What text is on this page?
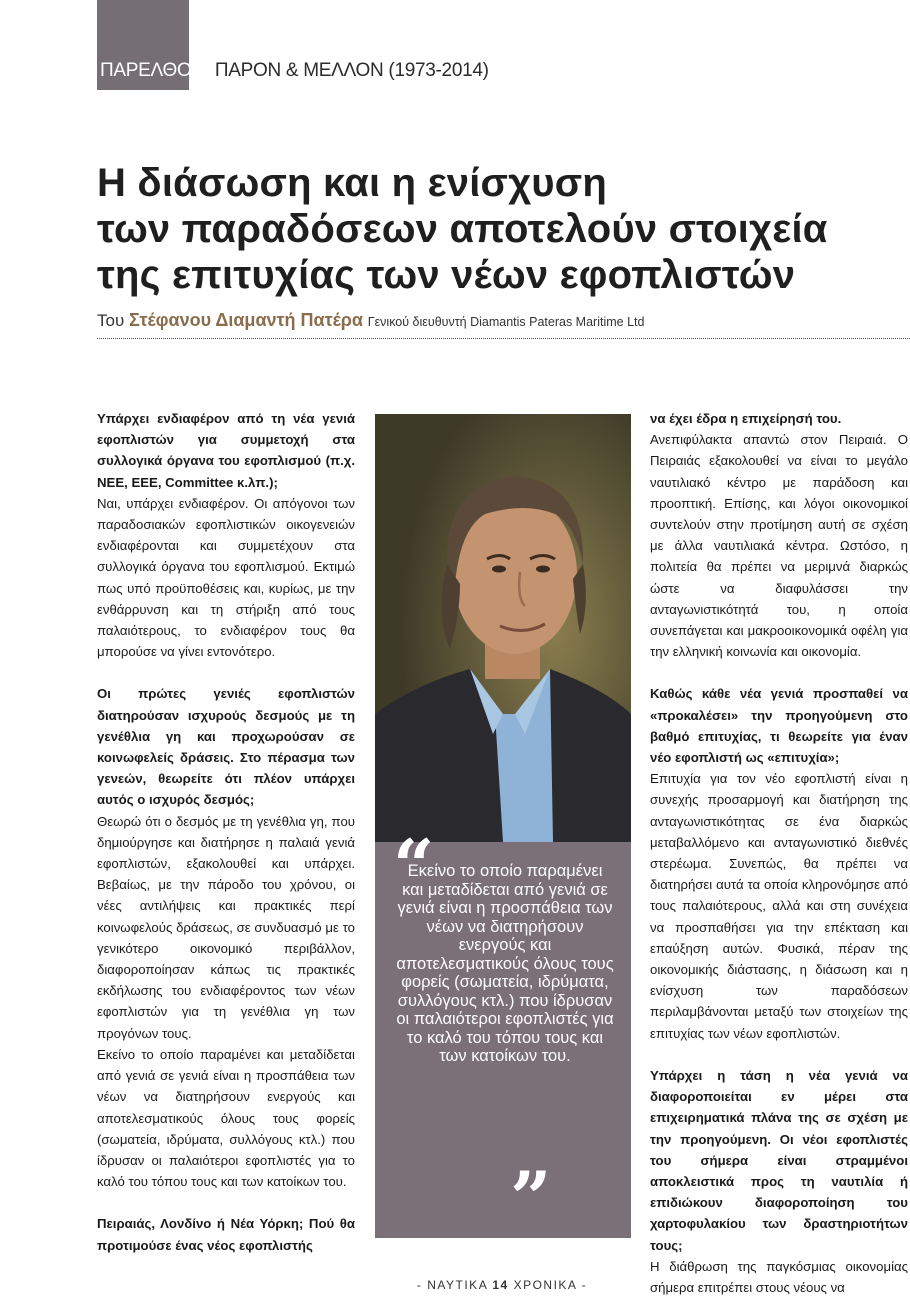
ΠΑΡΕΛΘΟΝ, ΠΑΡΟΝ & ΜΕΛΛΟΝ (1973-2014)
Η διάσωση και η ενίσχυση
των παραδόσεων αποτελούν στοιχεία
της επιτυχίας των νέων εφοπλιστών
Του Στέφανου Διαμαντή Πατέρα Γενικού διευθυντή Diamantis Pateras Maritime Ltd

Υπάρχει ενδιαφέρον από τη νέα γενιά εφοπλιστών για συμμετοχή στα συλλογικά όργανα του εφοπλισμού (π.χ. ΝΕΕ, ΕΕΕ, Committee κ.λπ.);

Ναι, υπάρχει ενδιαφέρον. Οι απόγονοι των παραδοσιακών εφοπλιστικών οικογενειών ενδιαφέρονται και συμμετέχουν στα συλλογικά όργανα του εφοπλισμού. Εκτιμώ πως υπό προϋποθέσεις και, κυρίως, με την ενθάρρυνση και τη στήριξη από τους παλαιότερους, το ενδιαφέρον τους θα μπορούσε να γίνει εντονότερο.

Οι πρώτες γενιές εφοπλιστών διατηρούσαν ισχυρούς δεσμούς με τη γενέθλια γη και προχωρούσαν σε κοινωφελείς δράσεις. Στο πέρασμα των γενεών, θεωρείτε ότι πλέον υπάρχει αυτός ο ισχυρός δεσμός;

Θεωρώ ότι ο δεσμός με τη γενέθλια γη, που δημιούργησε και διατήρησε η παλαιά γενιά εφοπλιστών, εξακολουθεί και υπάρχει. Βεβαίως, με την πάροδο του χρόνου, οι νέες αντιλήψεις και πρακτικές περί κοινωφελούς δράσεως, σε συνδυασμό με το γενικότερο οικονομικό περιβάλλον, διαφοροποίησαν κάπως τις πρακτικές εκδήλωσης του ενδιαφέροντος των νέων εφοπλιστών για τη γενέθλια γη των προγόνων τους.

Εκείνο το οποίο παραμένει και μεταδίδεται από γενιά σε γενιά είναι η προσπάθεια των νέων να διατηρήσουν ενεργούς και αποτελεσματικούς όλους τους φορείς (σωματεία, ιδρύματα, συλλόγους κτλ.) που ίδρυσαν οι παλαιότεροι εφοπλιστές για το καλό του τόπου τους και των κατοίκων του.

Πειραιάς, Λονδίνο ή Νέα Υόρκη; Πού θα προτιμούσε ένας νέος εφοπλιστής

να έχει έδρα η επιχείρησή του.

Ανεπιφύλακτα απαντώ στον Πειραιά. Ο Πειραιάς εξακολουθεί να είναι το μεγάλο ναυτιλιακό κέντρο με παράδοση και προοπτική. Επίσης, και λόγοι οικονομικοί συντελούν στην προτίμηση αυτή σε σχέση με άλλα ναυτιλιακά κέντρα. Ωστόσο, η πολιτεία θα πρέπει να μεριμνά διαρκώς ώστε να διαφυλάσσει την ανταγωνιστικότητά του, η οποία συνεπάγεται και μακροοικονομικά οφέλη για την ελληνική κοινωνία και οικονομία.

Καθώς κάθε νέα γενιά προσπαθεί να «προκαλέσει» την προηγούμενη στο βαθμό επιτυχίας, τι θεωρείτε για έναν νέο εφοπλιστή ως «επιτυχία»;

Επιτυχία για τον νέο εφοπλιστή είναι η συνεχής προσαρμογή και διατήρηση της ανταγωνιστικότητας σε ένα διαρκώς μεταβαλλόμενο και ανταγωνιστικό διεθνές στερέωμα. Συνεπώς, θα πρέπει να διατηρήσει αυτά τα οποία κληρονόμησε από τους παλαιότερους, αλλά και στη συνέχεια να προσπαθήσει για την επέκταση και επαύξηση αυτών. Φυσικά, πέραν της οικονομικής διάστασης, η διάσωση και η ενίσχυση των παραδόσεων περιλαμβάνονται μεταξύ των στοιχείων της επιτυχίας των νέων εφοπλιστών.

Υπάρχει η τάση η νέα γενιά να διαφοροποιείται εν μέρει στα επιχειρηματικά πλάνα της σε σχέση με την προηγούμενη. Οι νέοι εφοπλιστές του σήμερα είναι στραμμένοι αποκλειστικά προς τη ναυτιλία ή επιδιώκουν διαφοροποίηση του χαρτοφυλακίου των δραστηριοτήτων τους;

Η διάθρωση της παγκόσμιας οικονομίας σήμερα επιτρέπει στους νέους να

“
Εκείνο το οποίο παραμένει και μεταδίδεται από γενιά σε γενιά είναι η προσπάθεια των νέων να διατηρήσουν ενεργούς και αποτελεσματικούς όλους τους φορείς (σωματεία, ιδρύματα, συλλόγους κτλ.) που ίδρυσαν οι παλαιότεροι εφοπλιστές για το καλό του τόπου τους και των κατοίκων του.
”
- ΝΑΥΤΙΚΑ 14 ΧΡΟΝΙΚΑ -
